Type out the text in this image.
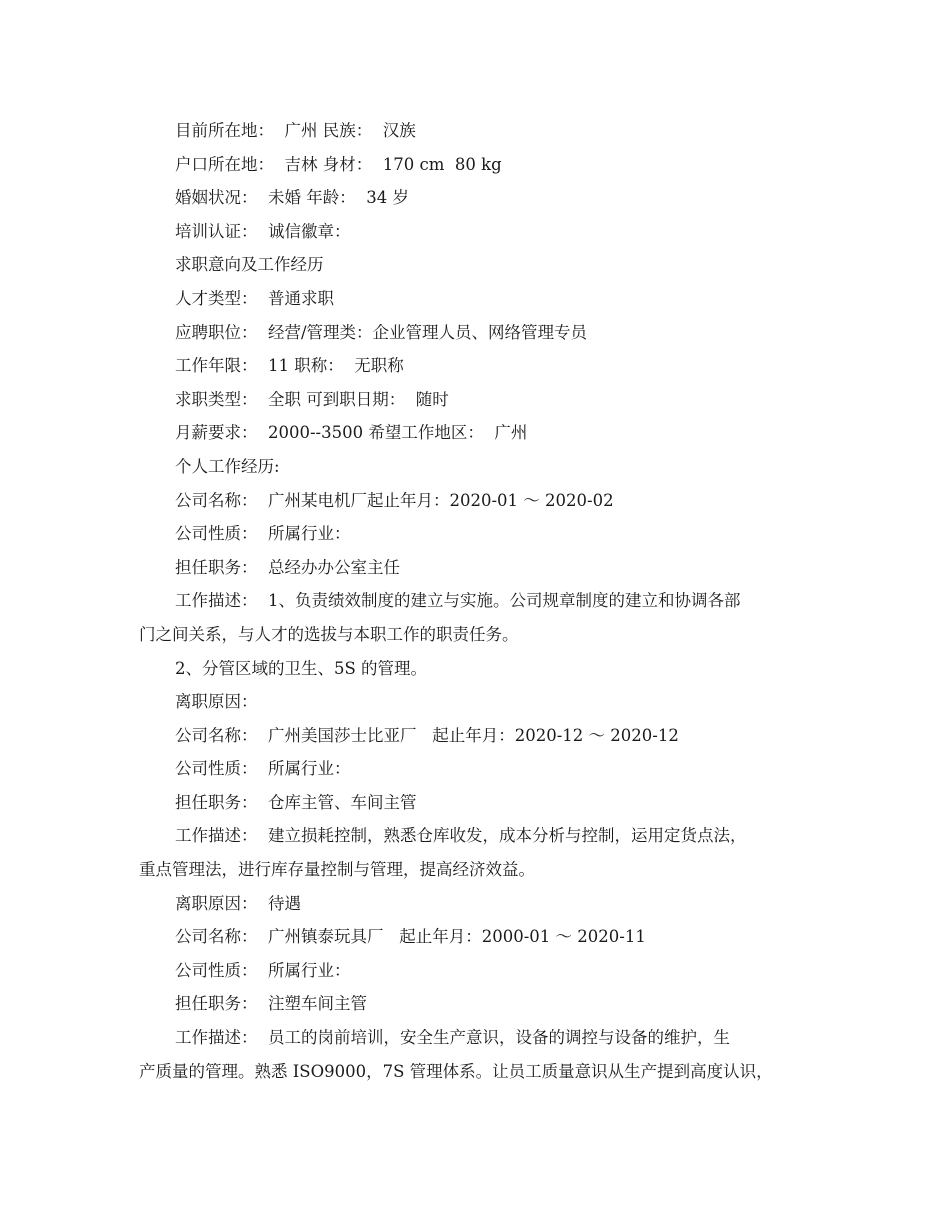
目前所在地：  广州 民族：  汉族
户口所在地：  吉林 身材：  170 cm  80 kg
婚姻状况：  未婚 年龄：  34 岁
培训认证：  诚信徽章：
求职意向及工作经历
人才类型：  普通求职
应聘职位：  经营/管理类：企业管理人员、网络管理专员
工作年限：  11 职称：  无职称
求职类型：  全职 可到职日期：  随时
月薪要求：  2000--3500 希望工作地区：  广州
个人工作经历:
公司名称：  广州某电机厂起止年月：2020-01 ～ 2020-02
公司性质：  所属行业：
担任职务：  总经办办公室主任
工作描述：  1、负责绩效制度的建立与实施。公司规章制度的建立和协调各部
门之间关系，与人才的选拔与本职工作的职责任务。
2、分管区域的卫生、5S 的管理。
离职原因：
公司名称：  广州美国莎士比亚厂   起止年月：2020-12 ～ 2020-12
公司性质：  所属行业：
担任职务：  仓库主管、车间主管
工作描述：  建立损耗控制，熟悉仓库收发，成本分析与控制，运用定货点法，
重点管理法，进行库存量控制与管理，提高经济效益。
离职原因：  待遇
公司名称：  广州镇泰玩具厂   起止年月：2000-01 ～ 2020-11
公司性质：  所属行业：
担任职务：  注塑车间主管
工作描述：  员工的岗前培训，安全生产意识，设备的调控与设备的维护，生
产质量的管理。熟悉 ISO9000，7S 管理体系。让员工质量意识从生产提到高度认识，
